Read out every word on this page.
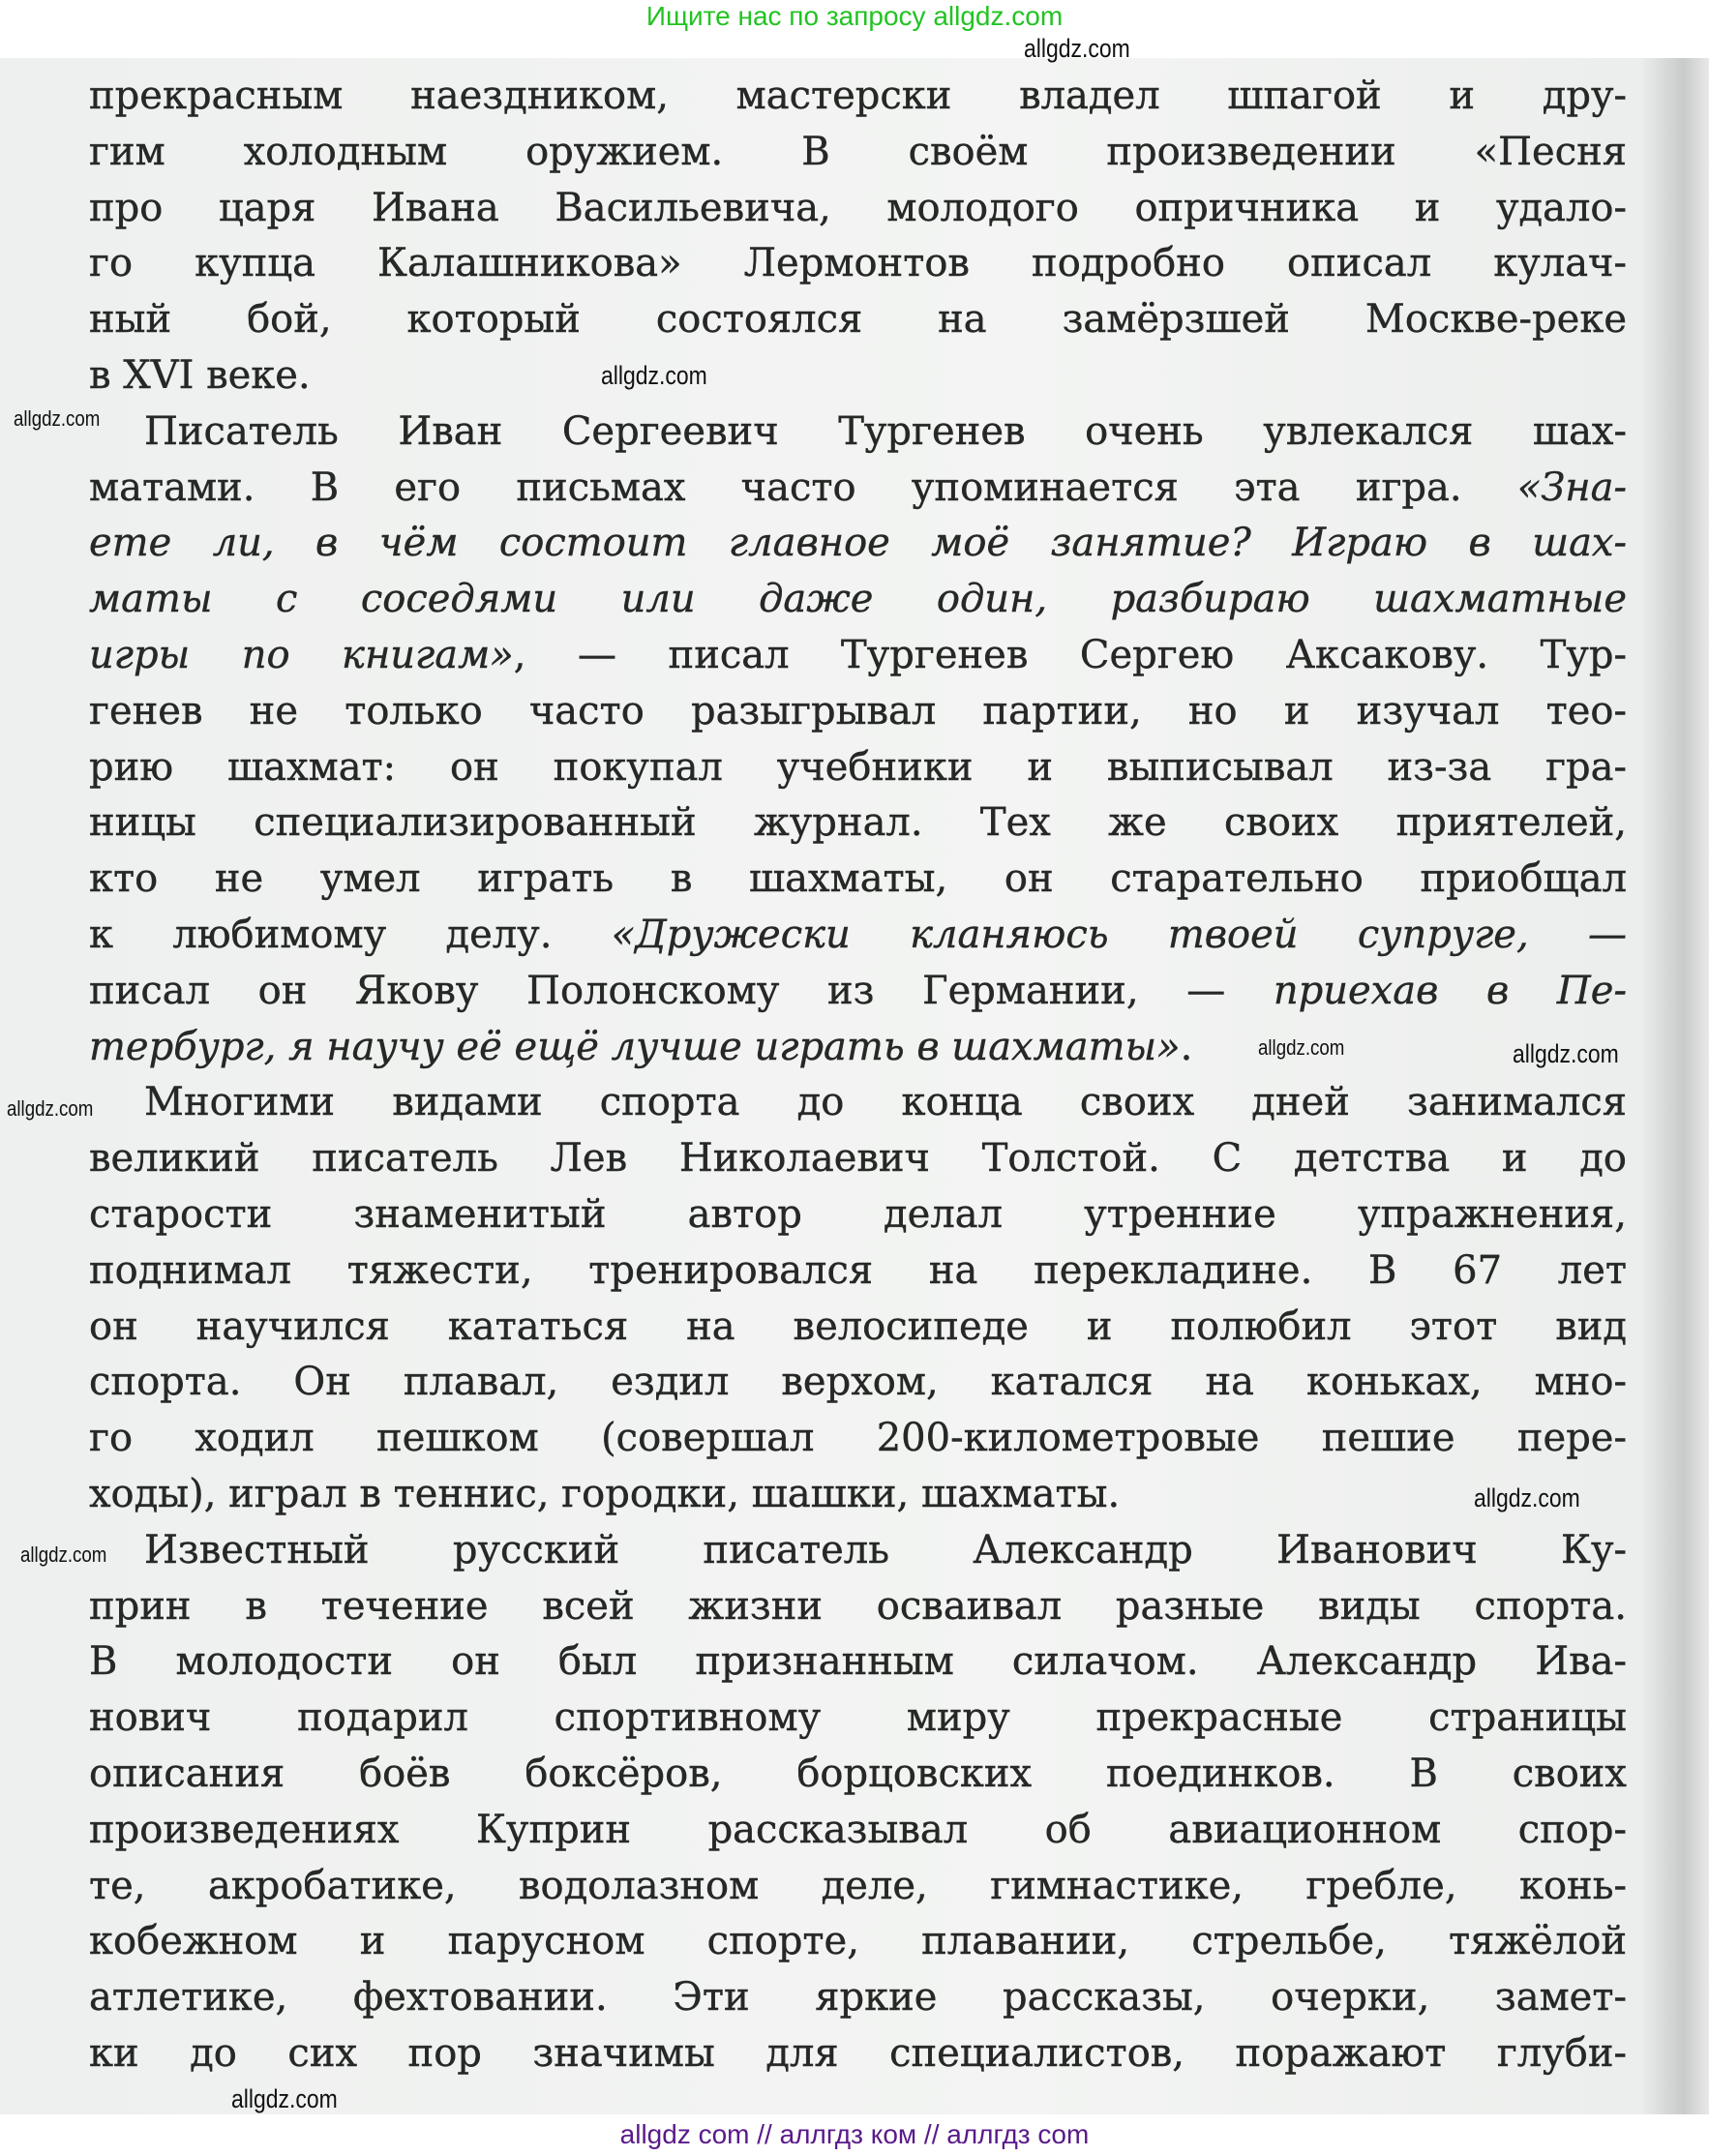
Ищите нас по запросу allgdz.com
прекрасным наездником, мастерски владел шпагой и дру-
гим холодным оружием. В своём произведении «Песня
про царя Ивана Васильевича, молодого опричника и удало-
го купца Калашникова» Лермонтов подробно описал кулач-
ный бой, который состоялся на замёрзшей Москве-реке
в XVI веке.
Писатель Иван Сергеевич Тургенев очень увлекался шах-
матами. В его письмах часто упоминается эта игра. «Зна-
ете ли, в чём состоит главное моё занятие? Играю в шах-
маты с соседями или даже один, разбираю шахматные
игры по книгам», — писал Тургенев Сергею Аксакову. Тур-
генев не только часто разыгрывал партии, но и изучал тео-
рию шахмат: он покупал учебники и выписывал из-за гра-
ницы специализированный журнал. Тех же своих приятелей,
кто не умел играть в шахматы, он старательно приобщал
к любимому делу. «Дружески кланяюсь твоей супруге, —
писал он Якову Полонскому из Германии, — приехав в Пе-
тербург, я научу её ещё лучше играть в шахматы».
Многими видами спорта до конца своих дней занимался
великий писатель Лев Николаевич Толстой. С детства и до
старости знаменитый автор делал утренние упражнения,
поднимал тяжести, тренировался на перекладине. В 67 лет
он научился кататься на велосипеде и полюбил этот вид
спорта. Он плавал, ездил верхом, катался на коньках, мно-
го ходил пешком (совершал 200-километровые пешие пере-
ходы), играл в теннис, городки, шашки, шахматы.
Известный русский писатель Александр Иванович Ку-
прин в течение всей жизни осваивал разные виды спорта.
В молодости он был признанным силачом. Александр Ива-
нович подарил спортивному миру прекрасные страницы
описания боёв боксёров, борцовских поединков. В своих
произведениях Куприн рассказывал об авиационном спор-
те, акробатике, водолазном деле, гимнастике, гребле, конь-
кобежном и парусном спорте, плавании, стрельбе, тяжёлой
атлетике, фехтовании. Эти яркие рассказы, очерки, замет-
ки до сих пор значимы для специалистов, поражают глуби-
allgdz.com
allgdz.com
allgdz.com
allgdz.com	allgdz.com
allgdz.com
allgdz.com
allgdz.com
allgdz.com
allgdz com // аллгдз ком // аллгдз com
